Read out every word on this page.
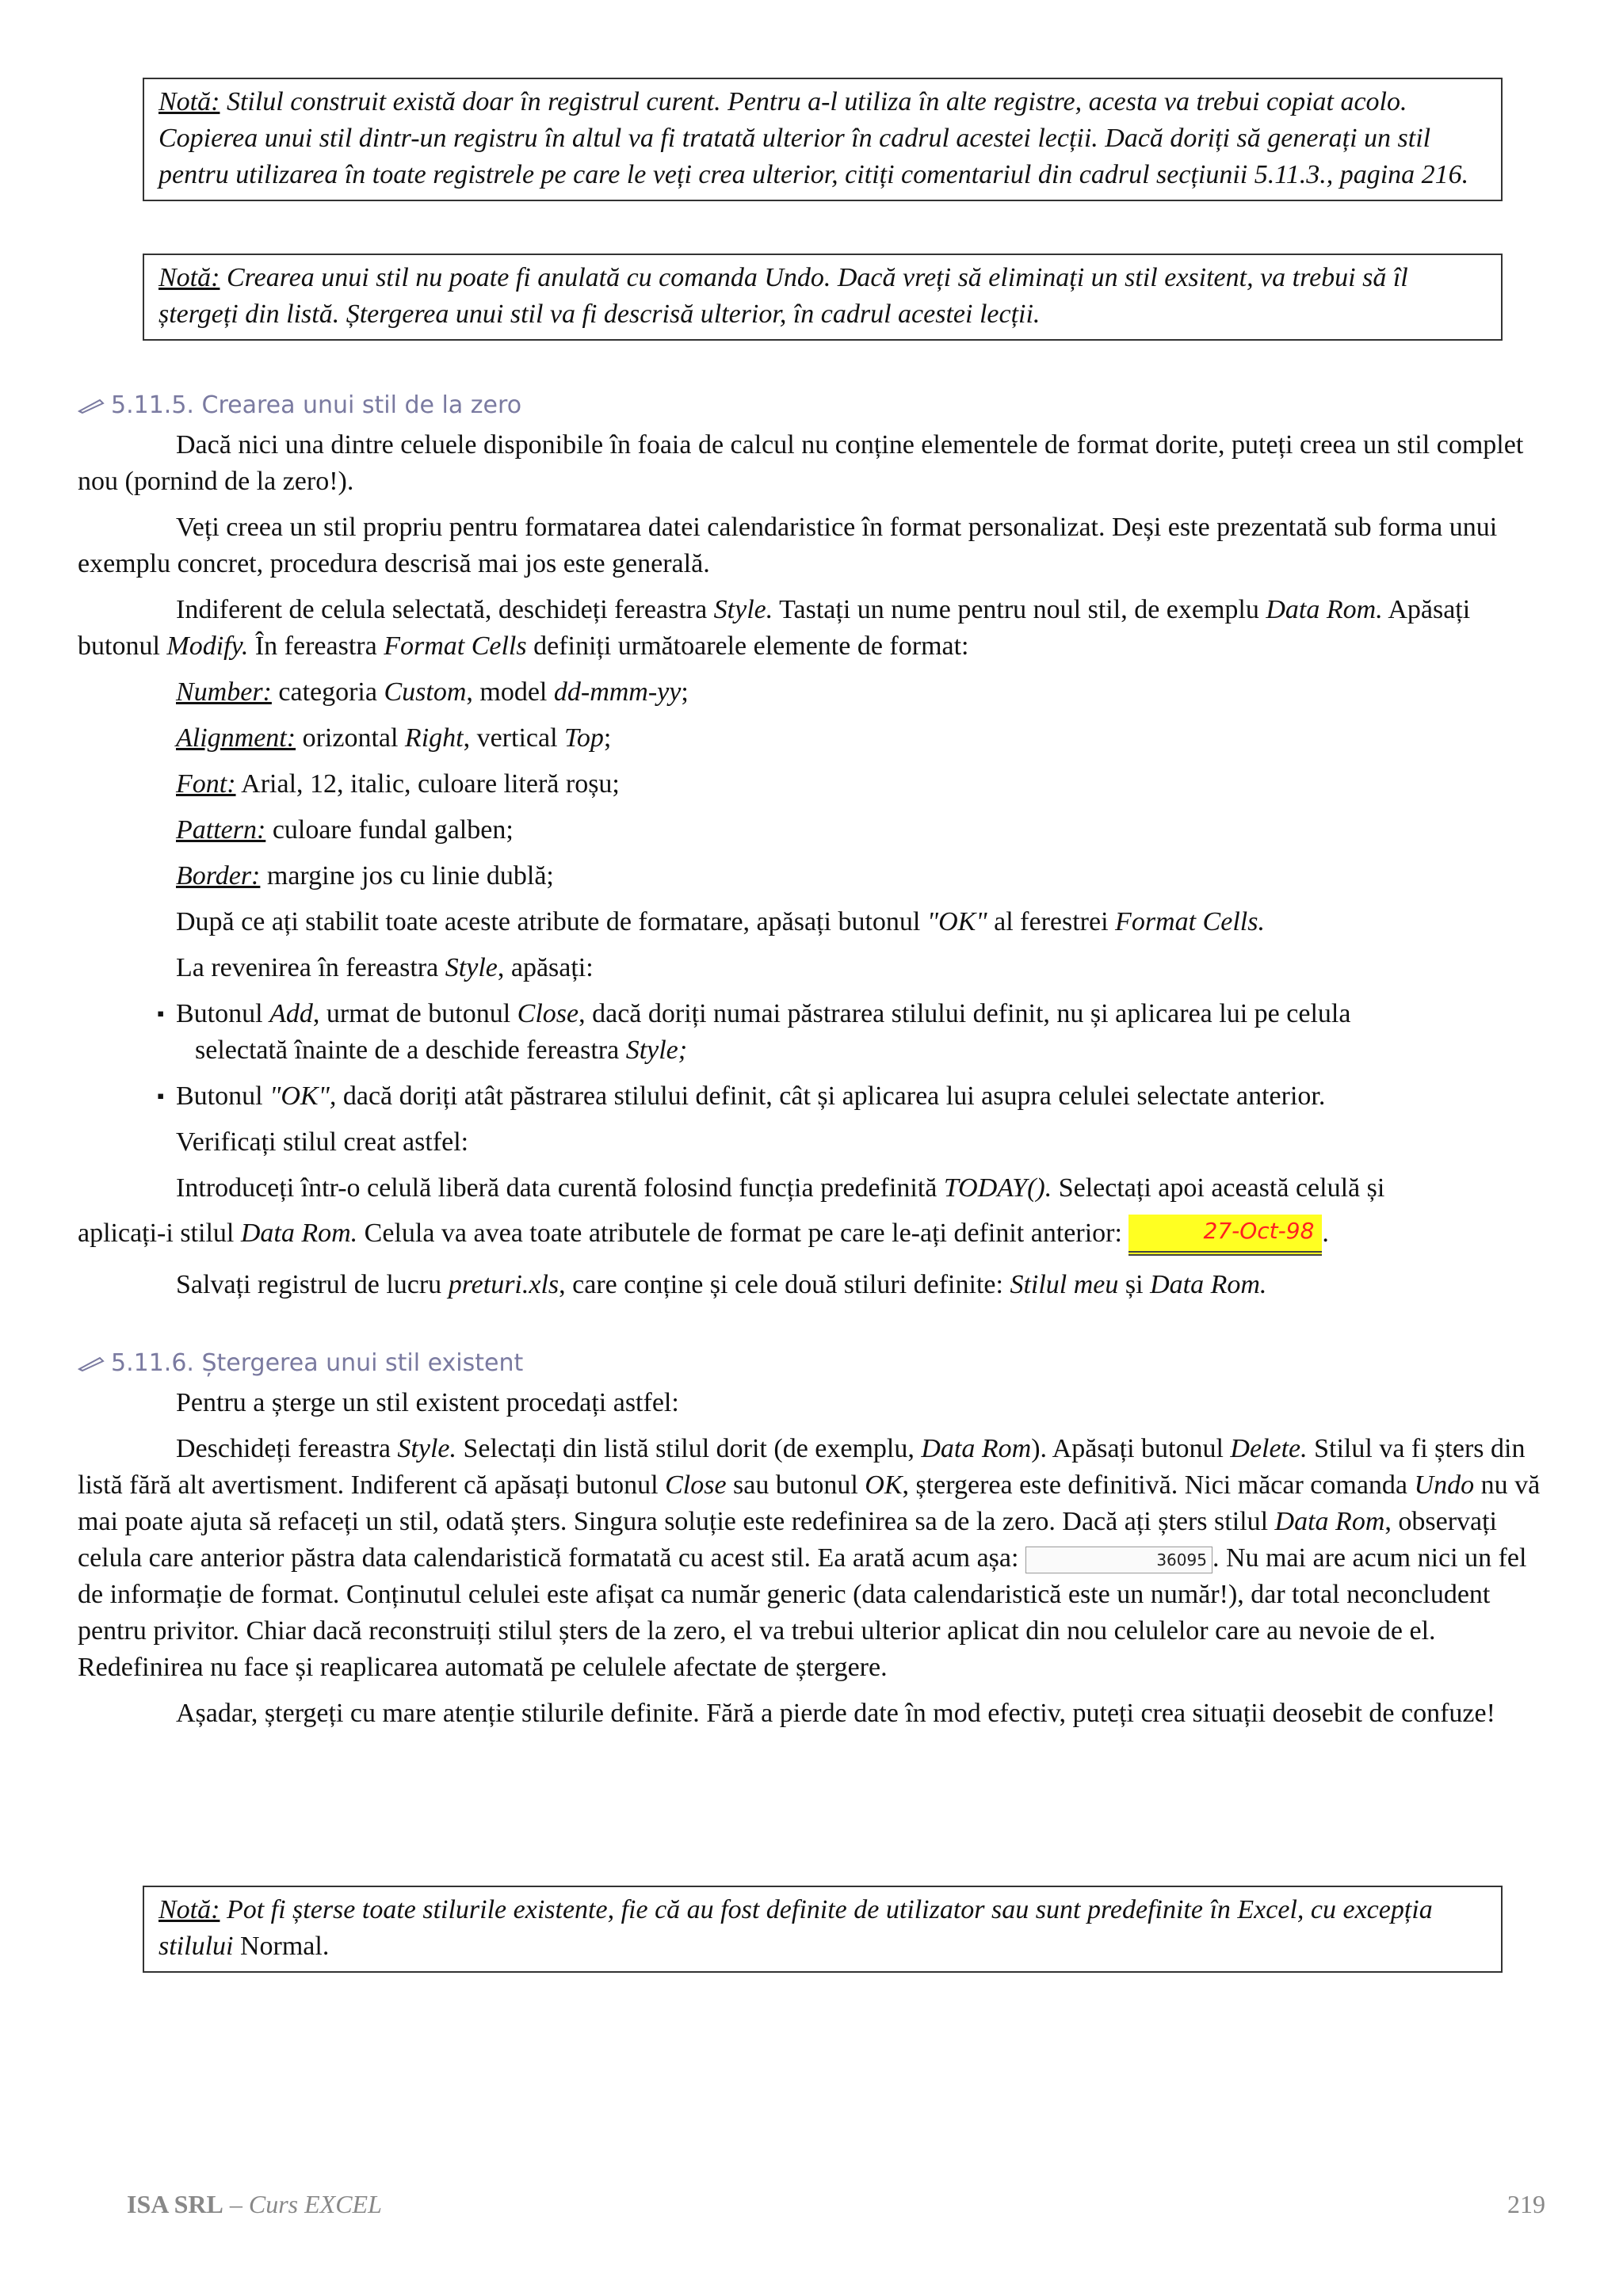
Notă: Stilul construit există doar în registrul curent. Pentru a-l utiliza în alte registre, acesta va trebui copiat acolo. Copierea unui stil dintr-un registru în altul va fi tratată ulterior în cadrul acestei lecții. Dacă doriți să generați un stil pentru utilizarea în toate registrele pe care le veți crea ulterior, citiți comentariul din cadrul secțiunii 5.11.3., pagina 216.
Notă: Crearea unui stil nu poate fi anulată cu comanda Undo. Dacă vreți să eliminați un stil exsitent, va trebui să îl ștergeți din listă. Ștergerea unui stil va fi descrisă ulterior, în cadrul acestei lecții.

5.11.5. Crearea unui stil de la zero

Dacă nici una dintre celuele disponibile în foaia de calcul nu conține elementele de format dorite, puteți creea un stil complet nou (pornind de la zero!).

Veți creea un stil propriu pentru formatarea datei calendaristice în format personalizat. Deși este prezentată sub forma unui exemplu concret, procedura descrisă mai jos este generală.

Indiferent de celula selectată, deschideți fereastra Style. Tastați un nume pentru noul stil, de exemplu Data Rom. Apăsați butonul Modify. În fereastra Format Cells definiți următoarele elemente de format:

Number: categoria Custom, model dd-mmm-yy;

Alignment: orizontal Right, vertical Top;

Font: Arial, 12, italic, culoare literă roșu;

Pattern: culoare fundal galben;

Border: margine jos cu linie dublă;

După ce ați stabilit toate aceste atribute de formatare, apăsați butonul "OK" al ferestrei Format Cells.

La revenirea în fereastra Style, apăsați:

▪ Butonul Add, urmat de butonul Close, dacă doriți numai păstrarea stilului definit, nu și aplicarea lui pe celula
selectată înainte de a deschide fereastra Style;

▪ Butonul "OK", dacă doriți atât păstrarea stilului definit, cât și aplicarea lui asupra celulei selectate anterior.

Verificați stilul creat astfel:

Introduceți într-o celulă liberă data curentă folosind funcția predefinită TODAY(). Selectați apoi această celulă și

aplicați-i stilul Data Rom. Celula va avea toate atributele de format pe care le-ați definit anterior:	27-Oct-98 .

Salvați registrul de lucru preturi.xls, care conține și cele două stiluri definite: Stilul meu și Data Rom.

5.11.6. Ștergerea unui stil existent

Pentru a șterge un stil existent procedați astfel:

Deschideți fereastra Style. Selectați din listă stilul dorit (de exemplu, Data Rom). Apăsați butonul Delete. Stilul va fi șters din listă fără alt avertisment. Indiferent că apăsați butonul Close sau butonul OK, ștergerea este definitivă. Nici măcar comanda Undo nu vă mai poate ajuta să refaceți un stil, odată șters. Singura soluție este redefinirea sa de la zero. Dacă ați șters stilul Data Rom, observați celula care anterior păstra data calendaristică formatată cu acest stil. Ea arată acum așa:	36095 . Nu mai are acum nici un fel de informație de format. Conținutul celulei este afișat ca număr generic (data calendaristică este un număr!), dar total neconcludent pentru privitor. Chiar dacă reconstruiți stilul șters de la zero, el va trebui ulterior aplicat din nou celulelor care au nevoie de el. Redefinirea nu face și reaplicarea automată pe celulele afectate de ștergere.

Așadar, ștergeți cu mare atenție stilurile definite. Fără a pierde date în mod efectiv, puteți crea situații deosebit de confuze!

Notă: Pot fi șterse toate stilurile existente, fie că au fost definite de utilizator sau sunt predefinite în Excel, cu excepția stilului Normal.
ISA SRL – Curs EXCEL	219
